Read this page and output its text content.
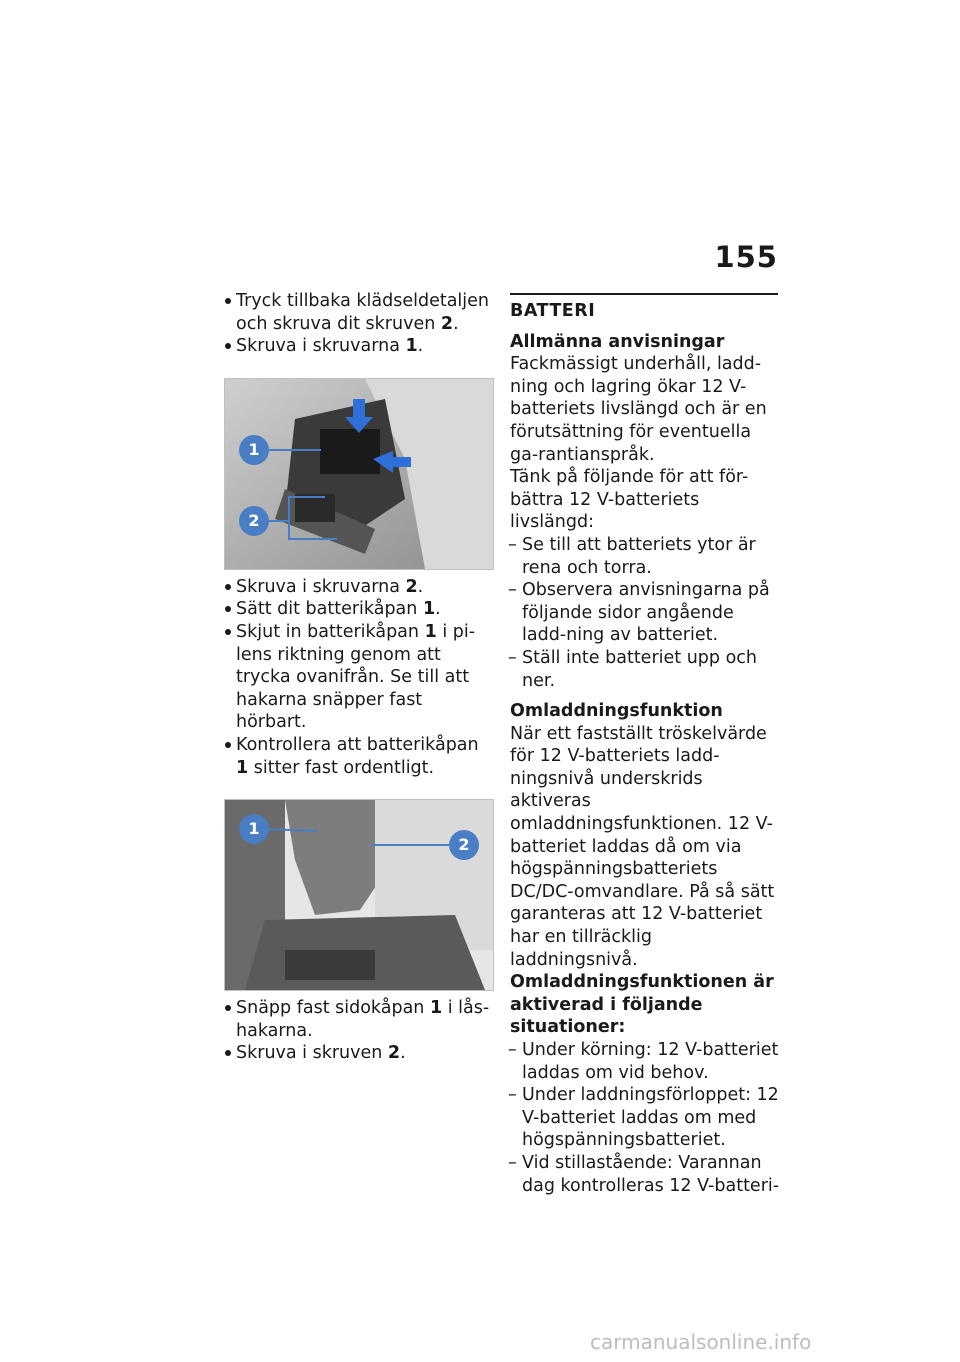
155
Tryck tillbaka klädseldetaljen och skruva dit skruven 2.
Skruva i skruvarna 1.
1
2
Skruva i skruvarna 2.
Sätt dit batterikåpan 1.
Skjut in batterikåpan 1 i pi-lens riktning genom att trycka ovanifrån. Se till att hakarna snäpper fast hörbart.
Kontrollera att batterikåpan 1 sitter fast ordentligt.
1
2
Snäpp fast sidokåpan 1 i lås-hakarna.
Skruva i skruven 2.
BATTERI
Allmänna anvisningar
Fackmässigt underhåll, ladd-ning och lagring ökar 12 V-batteriets livslängd och är en förutsättning för eventuella ga-rantianspråk.
Tänk på följande för att för-bättra 12 V-batteriets livslängd:
– Se till att batteriets ytor är rena och torra.
– Observera anvisningarna på följande sidor angående ladd-ning av batteriet.
– Ställ inte batteriet upp och ner.
Omladdningsfunktion
När ett fastställt tröskelvärde för 12 V-batteriets ladd-ningsnivå underskrids aktiveras omladdningsfunktionen. 12 V-batteriet laddas då om via högspänningsbatteriets DC/DC-omvandlare. På så sätt garanteras att 12 V-batteriet har en tillräcklig laddningsnivå.
Omladdningsfunktionen är aktiverad i följande situationer:
– Under körning: 12 V-batteriet laddas om vid behov.
– Under laddningsförloppet: 12 V-batteriet laddas om med högspänningsbatteriet.
– Vid stillastående: Varannan dag kontrolleras 12 V-batteri-
carmanualsonline.info
